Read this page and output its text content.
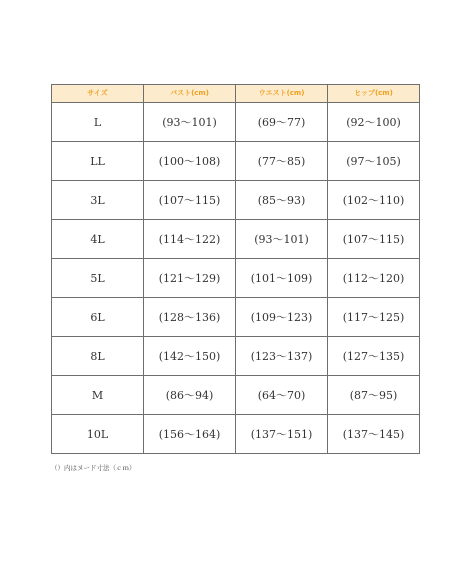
サイズ	バスト(cm)	ウエスト(cm)	ヒップ(cm)
L	(93～101)	(69～77)	(92～100)
LL	(100～108)	(77～85)	(97～105)
3L	(107～115)	(85～93)	(102～110)
4L	(114～122)	(93～101)	(107～115)
5L	(121～129)	(101～109)	(112～120)
6L	(128～136)	(109～123)	(117～125)
8L	(142～150)	(123～137)	(127～135)
M	(86～94)	(64～70)	(87～95)
10L	(156～164)	(137～151)	(137～145)
（）内はヌード寸法（ｃｍ）
